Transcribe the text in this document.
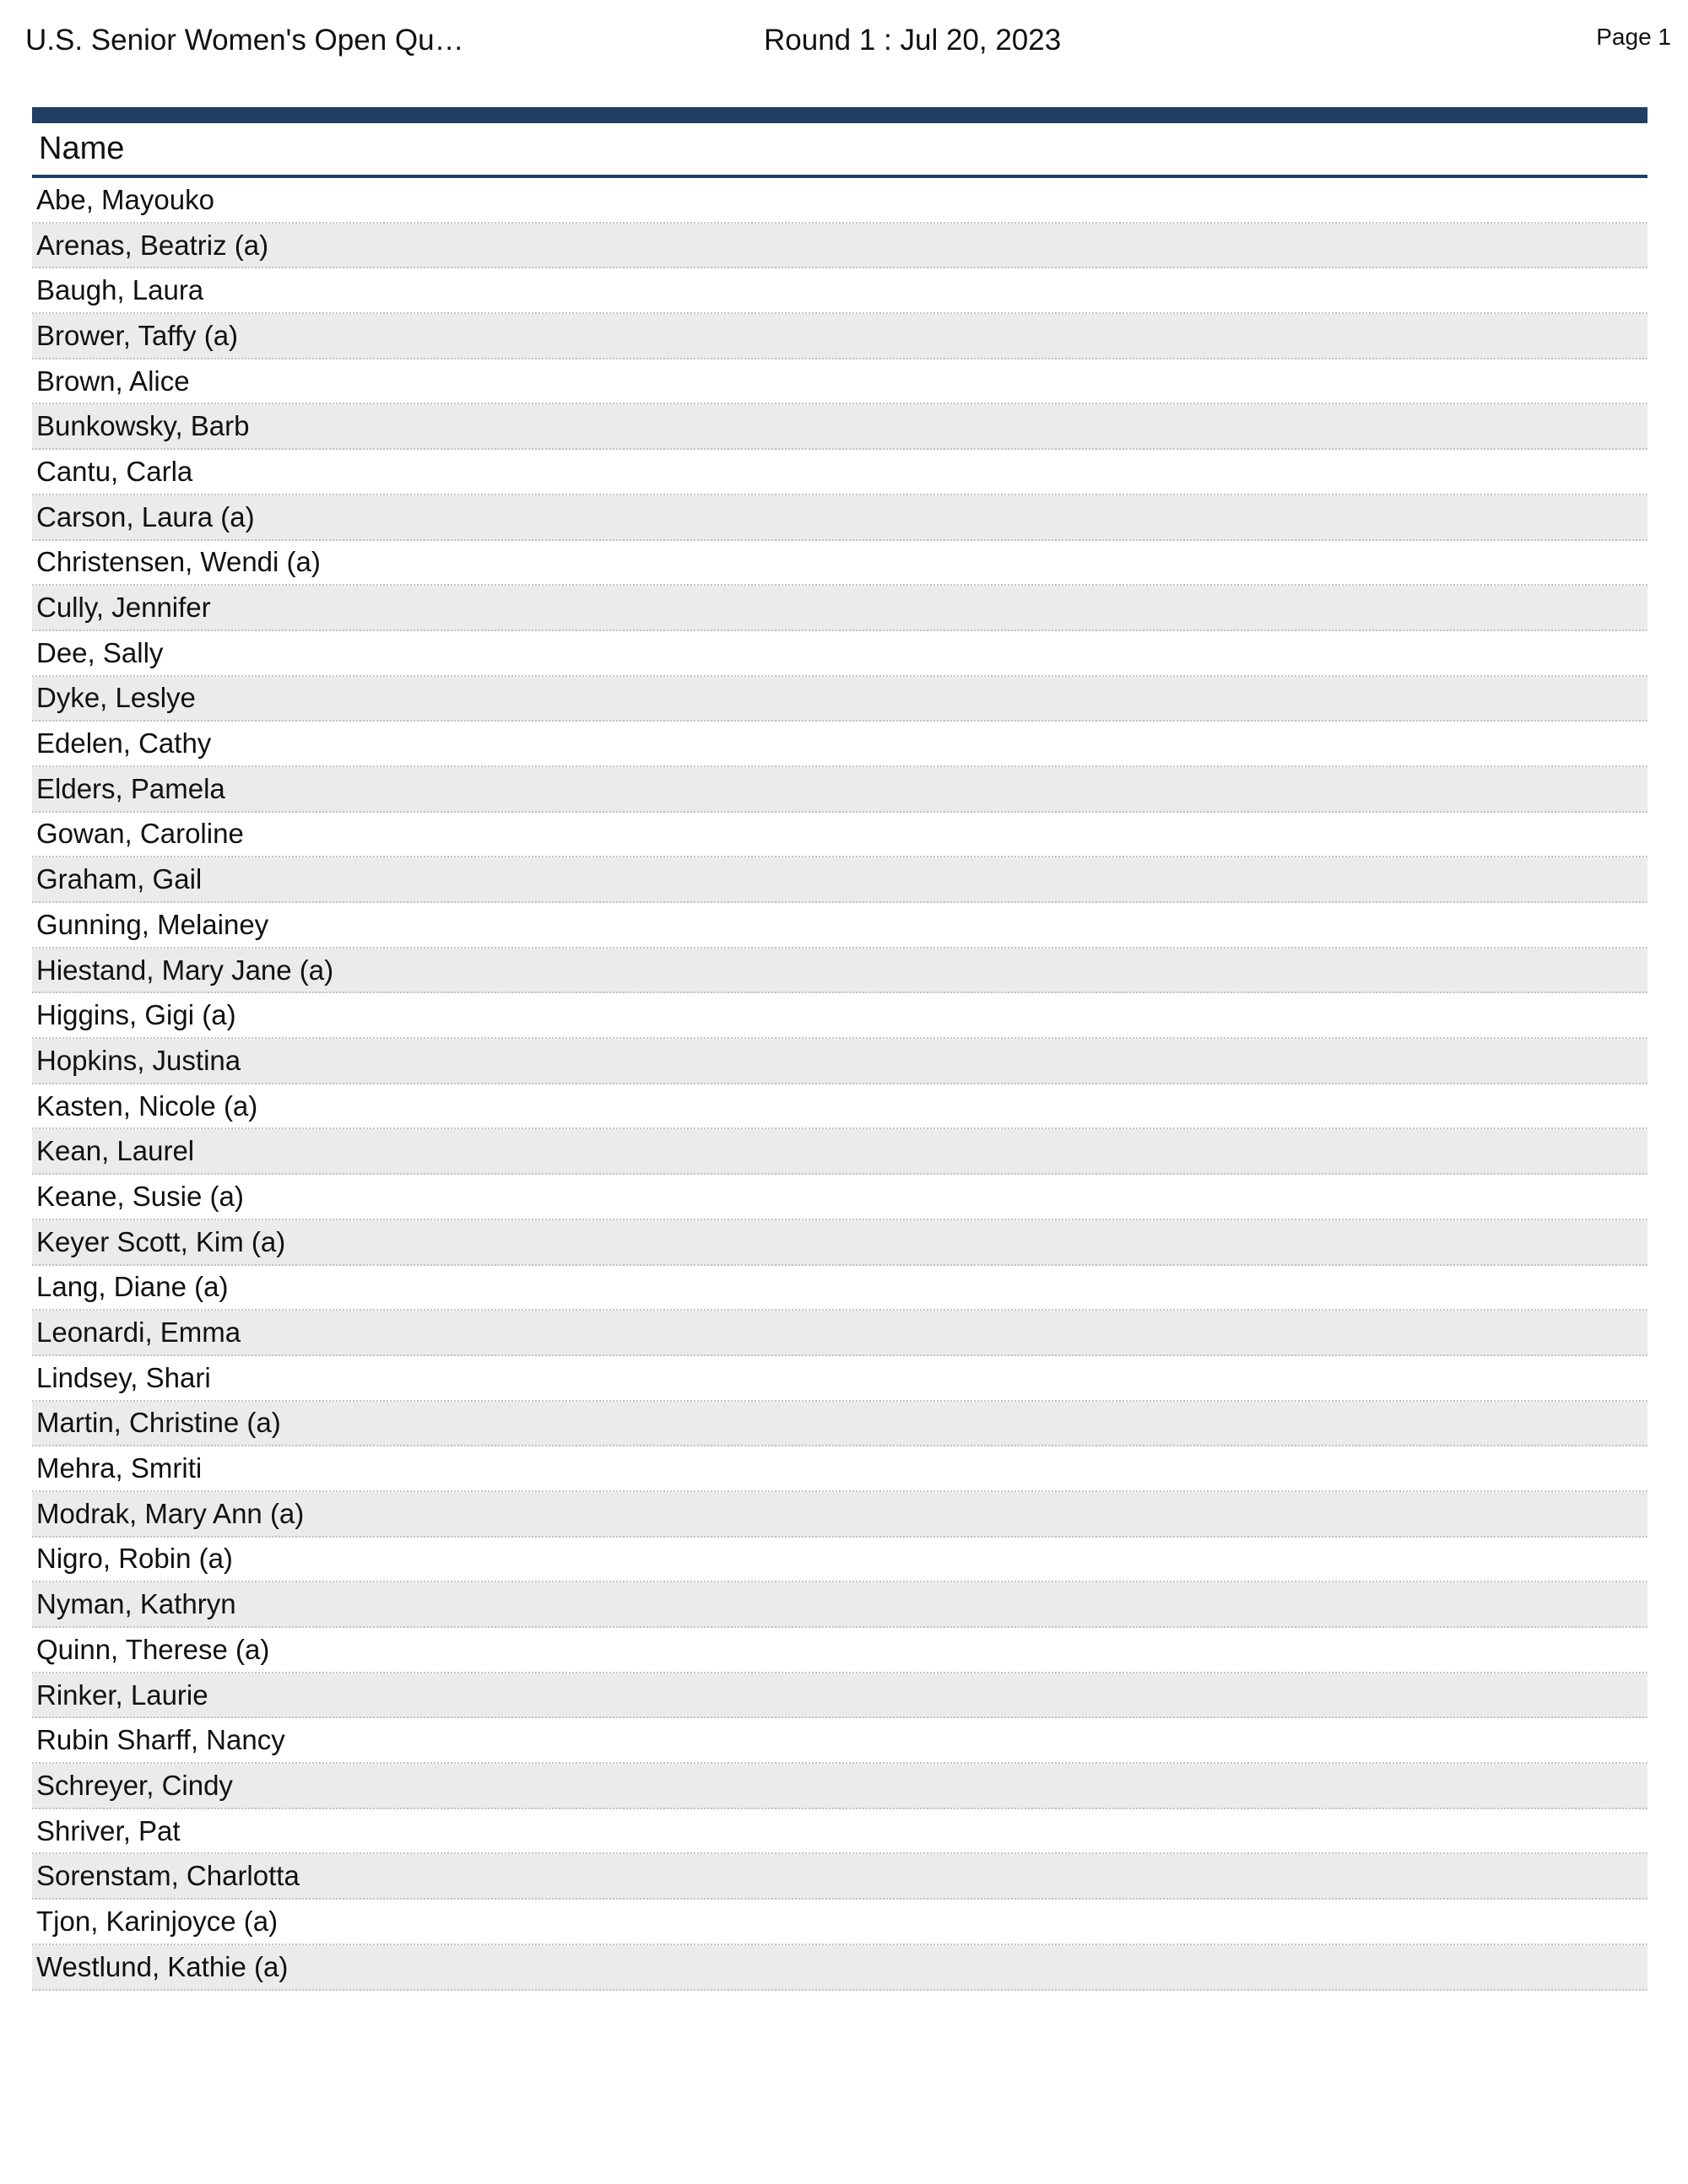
U.S. Senior Women's Open Qu…	Round 1 : Jul 20, 2023	Page 1
Name
Abe, Mayouko
Arenas, Beatriz (a)
Baugh, Laura
Brower, Taffy (a)
Brown, Alice
Bunkowsky, Barb
Cantu, Carla
Carson, Laura (a)
Christensen, Wendi (a)
Cully, Jennifer
Dee, Sally
Dyke, Leslye
Edelen, Cathy
Elders, Pamela
Gowan, Caroline
Graham, Gail
Gunning, Melainey
Hiestand, Mary Jane (a)
Higgins, Gigi (a)
Hopkins, Justina
Kasten, Nicole (a)
Kean, Laurel
Keane, Susie (a)
Keyer Scott, Kim (a)
Lang, Diane (a)
Leonardi, Emma
Lindsey, Shari
Martin, Christine (a)
Mehra, Smriti
Modrak, Mary Ann (a)
Nigro, Robin (a)
Nyman, Kathryn
Quinn, Therese (a)
Rinker, Laurie
Rubin Sharff, Nancy
Schreyer, Cindy
Shriver, Pat
Sorenstam, Charlotta
Tjon, Karinjoyce (a)
Westlund, Kathie (a)
